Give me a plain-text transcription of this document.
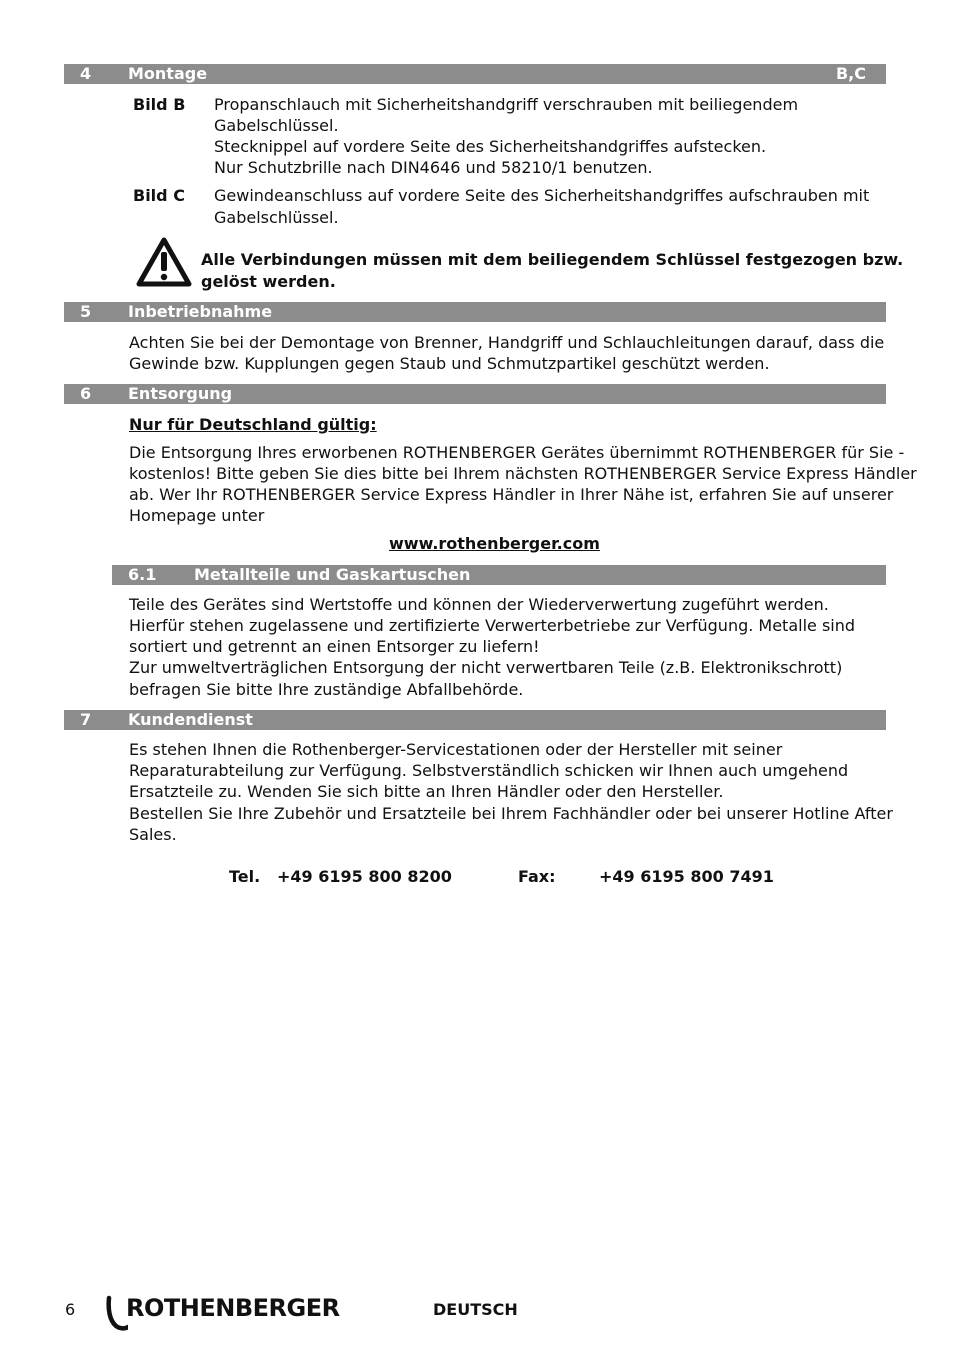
4 Montage	B,C
Bild B Propanschlauch mit Sicherheitshandgriff verschrauben mit beiliegendem
Gabelschlüssel.
Stecknippel auf vordere Seite des Sicherheitshandgriffes aufstecken.
Nur Schutzbrille nach DIN4646 und 58210/1 benutzen.
Bild C Gewindeanschluss auf vordere Seite des Sicherheitshandgriffes aufschrauben mit
Gabelschlüssel.
Alle Verbindungen müssen mit dem beiliegendem Schlüssel festgezogen bzw.
gelöst werden.
5 Inbetriebnahme
Achten Sie bei der Demontage von Brenner, Handgriff und Schlauchleitungen darauf, dass die
Gewinde bzw. Kupplungen gegen Staub und Schmutzpartikel geschützt werden.
6 Entsorgung
Nur für Deutschland gültig:
Die Entsorgung Ihres erworbenen ROTHENBERGER Gerätes übernimmt ROTHENBERGER für Sie -
kostenlos! Bitte geben Sie dies bitte bei Ihrem nächsten ROTHENBERGER Service Express Händler
ab. Wer Ihr ROTHENBERGER Service Express Händler in Ihrer Nähe ist, erfahren Sie auf unserer
Homepage unter
www.rothenberger.com
6.1 Metallteile und Gaskartuschen
Teile des Gerätes sind Wertstoffe und können der Wiederverwertung zugeführt werden.
Hierfür stehen zugelassene und zertifizierte Verwerterbetriebe zur Verfügung. Metalle sind
sortiert und getrennt an einen Entsorger zu liefern!
Zur umweltverträglichen Entsorgung der nicht verwertbaren Teile (z.B. Elektronikschrott)
befragen Sie bitte Ihre zuständige Abfallbehörde.
7 Kundendienst
Es stehen Ihnen die Rothenberger-Servicestationen oder der Hersteller mit seiner
Reparaturabteilung zur Verfügung. Selbstverständlich schicken wir Ihnen auch umgehend
Ersatzteile zu. Wenden Sie sich bitte an Ihren Händler oder den Hersteller.
Bestellen Sie Ihre Zubehör und Ersatzteile bei Ihrem Fachhändler oder bei unserer Hotline After
Sales.
Tel. +49 6195 800 8200	Fax:	+49 6195 800 7491
6 ROTHENBERGER	DEUTSCH
